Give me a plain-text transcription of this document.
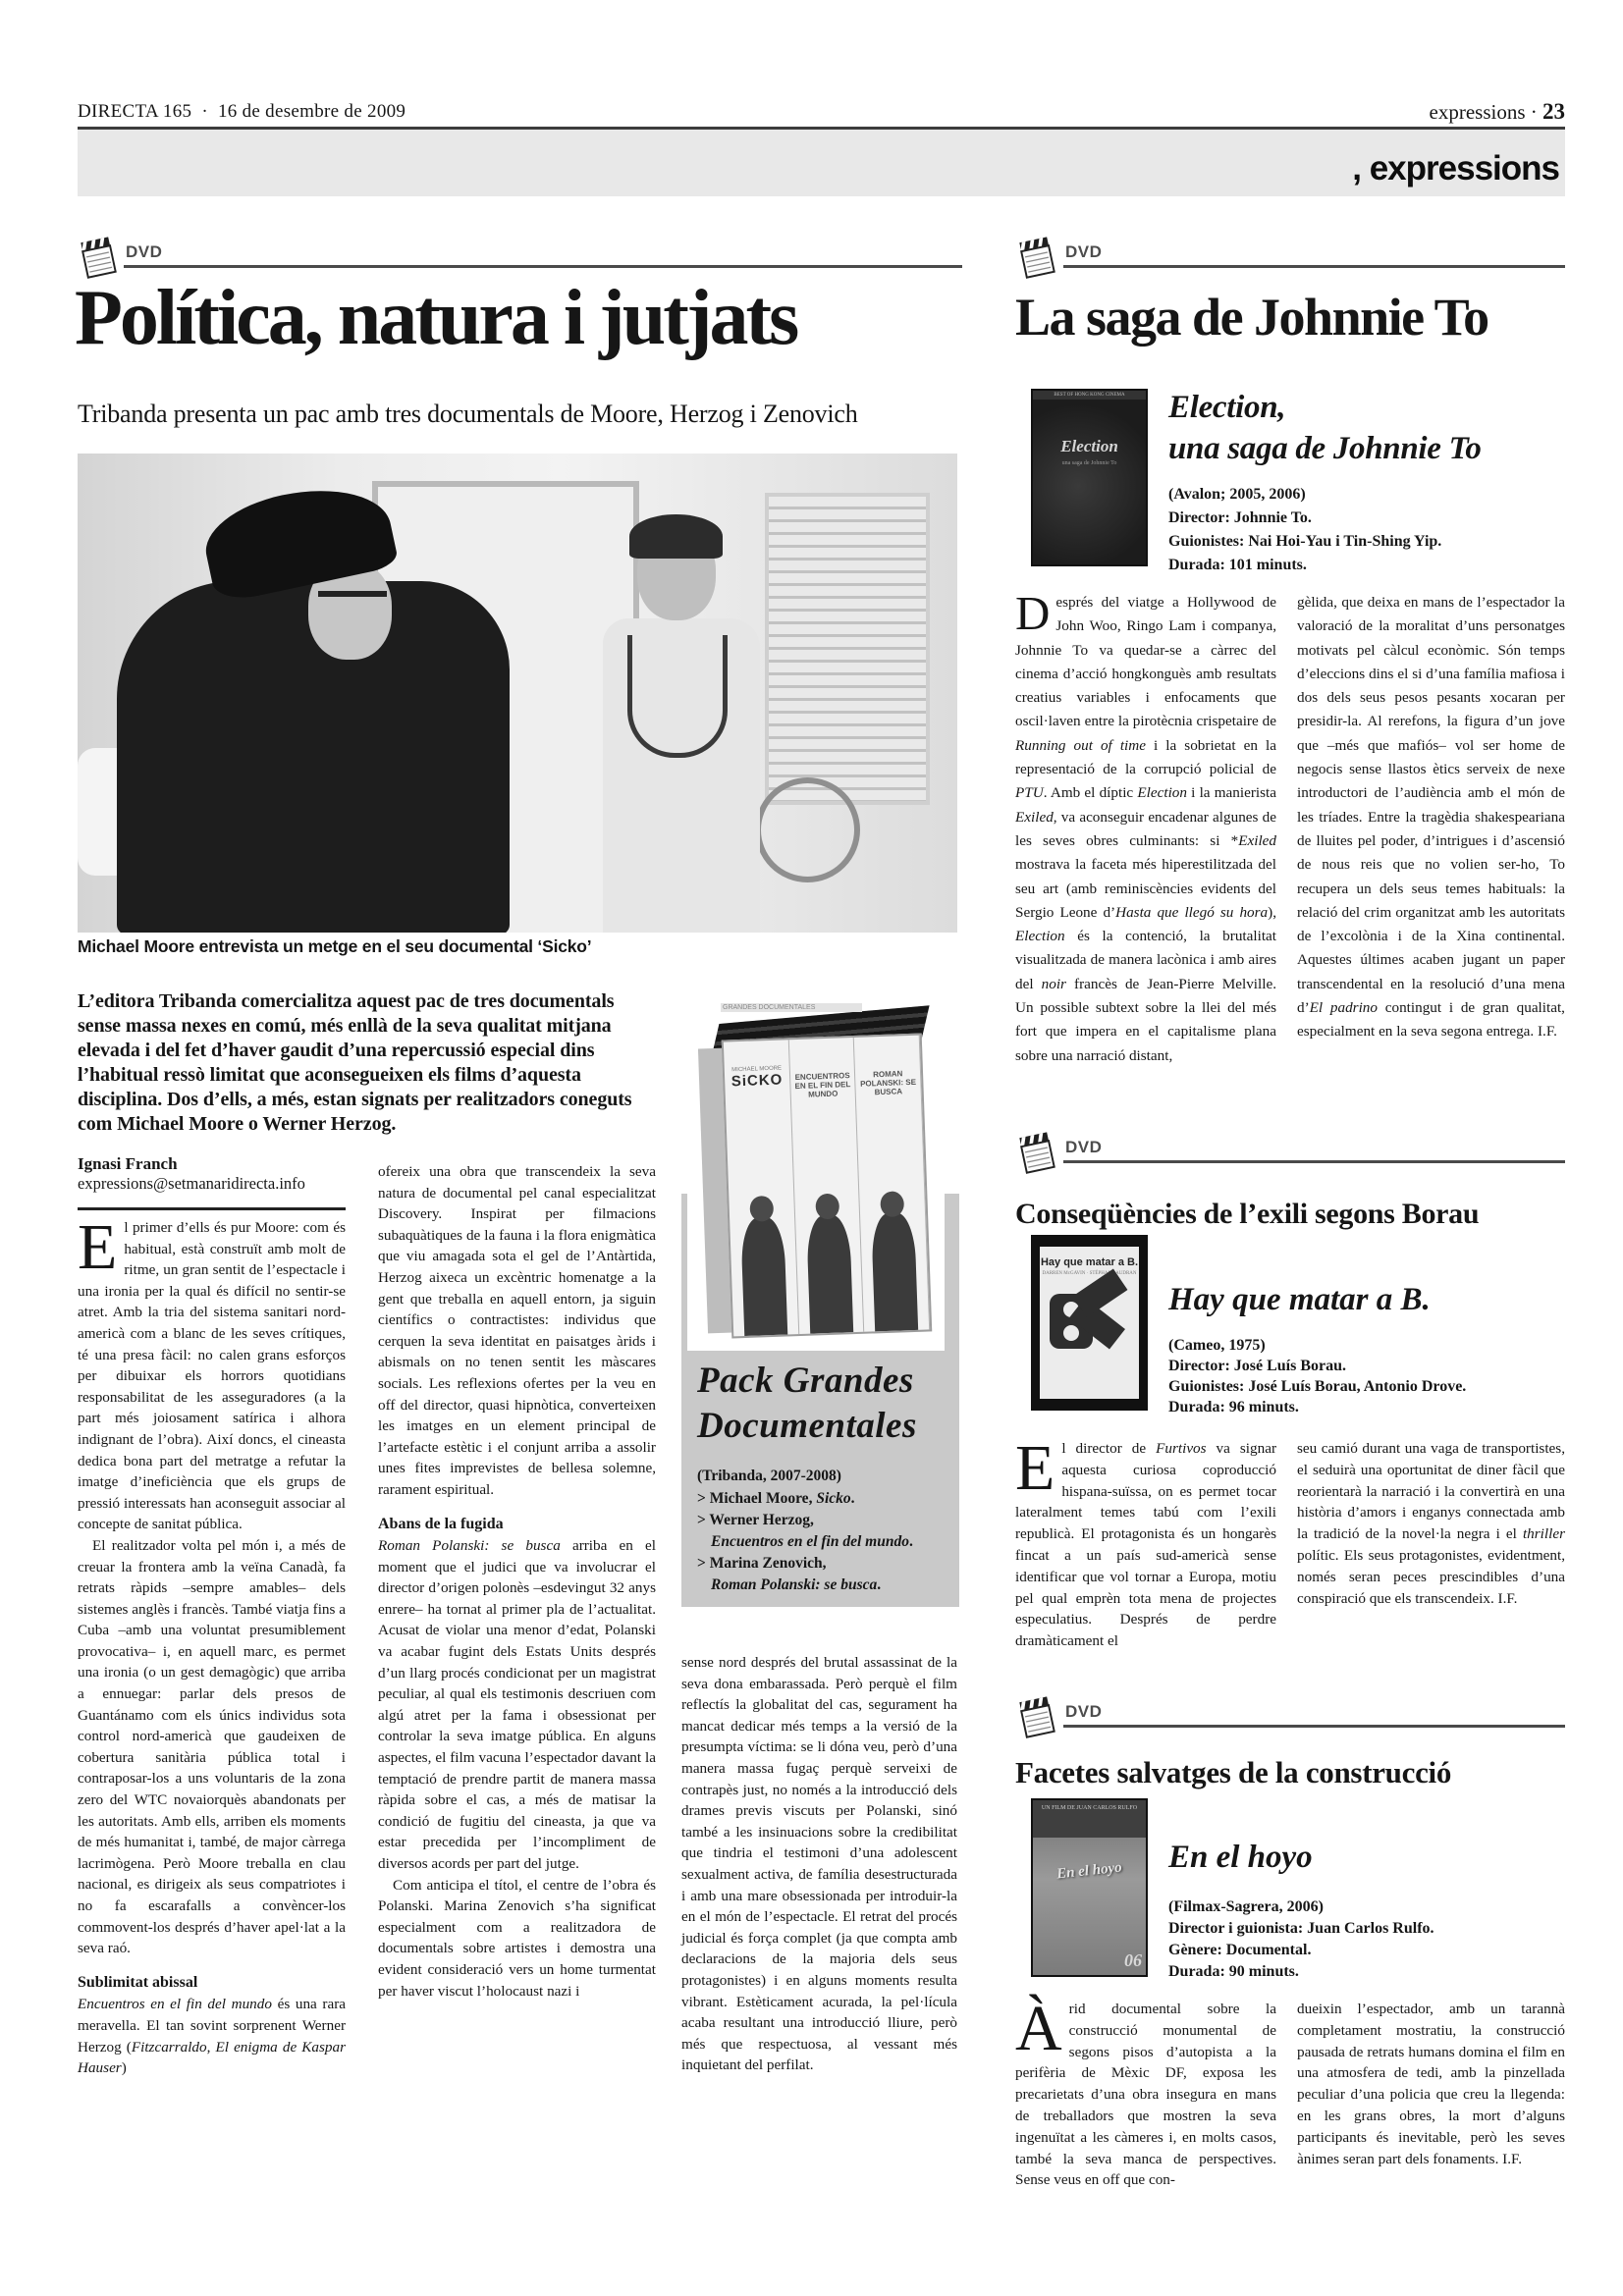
DIRECTA 165 · 16 de desembre de 2009	expressions · 23
, expressions
DVD
Política, natura i jutjats
Tribanda presenta un pac amb tres documentals de Moore, Herzog i Zenovich
Michael Moore entrevista un metge en el seu documental ‘Sicko’
L’editora Tribanda comercialitza aquest pac de tres documentals sense massa nexes en comú, més enllà de la seva qualitat mitjana elevada i del fet d’haver gaudit d’una repercussió especial dins l’habitual ressò limitat que aconsegueixen els films d’aquesta disciplina. Dos d’ells, a més, estan signats per realitzadors coneguts com Michael Moore o Werner Herzog.
Ignasi Franch
expressions@setmanaridirecta.info

El primer d’ells és pur Moore: com és habitual, està construït amb molt de ritme, un gran sentit de l’espectacle i una ironia per la qual és difícil no sentir-se atret. Amb la tria del sistema sanitari nord-americà com a blanc de les seves crítiques, té una presa fàcil: no calen grans esforços per dibuixar els horrors quotidians responsabilitat de les asseguradores (a la part més joiosament satírica i alhora indignant de l’obra). Així doncs, el cineasta dedica bona part del metratge a refutar la imatge d’ineficiència que els grups de pressió interessats han aconseguit associar al concepte de sanitat pública.

El realitzador volta pel món i, a més de creuar la frontera amb la veïna Canadà, fa retrats ràpids –sempre amables– dels sistemes anglès i francès. També viatja fins a Cuba –amb una voluntat presumiblement provocativa– i, en aquell marc, es permet una ironia (o un gest demagògic) que arriba a ennuegar: parlar dels presos de Guantánamo com els únics individus sota control nord-americà que gaudeixen de cobertura sanitària pública total i contraposar-los a uns voluntaris de la zona zero del WTC novaiorquès abandonats per les autoritats. Amb ells, arriben els moments de més humanitat i, també, de major càrrega lacrimògena. Però Moore treballa en clau nacional, es dirigeix als seus compatriotes i no fa escarafalls a convèncer-los commovent-los després d’haver apel·lat a la seva raó.

Sublimitat abissal

Encuentros en el fin del mundo és una rara meravella. El tan sovint sorprenent Werner Herzog (Fitzcarraldo, El enigma de Kaspar Hauser)

ofereix una obra que transcendeix la seva natura de documental pel canal especialitzat Discovery. Inspirat per filmacions subaquàtiques de la fauna i la flora enigmàtica que viu amagada sota el gel de l’Antàrtida, Herzog aixeca un excèntric homenatge a la gent que treballa en aquell entorn, ja siguin científics o contractistes: individus que cerquen la seva identitat en paisatges àrids i abismals on no tenen sentit les màscares socials. Les reflexions ofertes per la veu en off del director, quasi hipnòtica, converteixen les imatges en un element principal de l’artefacte estètic i el conjunt arriba a assolir unes fites imprevistes de bellesa solemne, rarament espiritual.

Abans de la fugida

Roman Polanski: se busca arriba en el moment que el judici que va involucrar el director d’origen polonès –esdevingut 32 anys enrere– ha tornat al primer pla de l’actualitat. Acusat de violar una menor d’edat, Polanski va acabar fugint dels Estats Units després d’un llarg procés condicionat per un magistrat peculiar, al qual els testimonis descriuen com algú atret per la fama i obsessionat per controlar la seva imatge pública. En alguns aspectes, el film vacuna l’espectador davant la temptació de prendre partit de manera massa ràpida sobre el cas, a més de matisar la condició de fugitiu del cineasta, ja que va estar precedida per l’incompliment de diversos acords per part del jutge.

Com anticipa el títol, el centre de l’obra és Polanski. Marina Zenovich s’ha significat especialment com a realitzadora de documentals sobre artistes i demostra una evident consideració vers un home turmentat per haver viscut l’holocaust nazi i

sense nord després del brutal assassinat de la seva dona embarassada. Però perquè el film reflectís la globalitat del cas, segurament ha mancat dedicar més temps a la versió de la presumpta víctima: se li dóna veu, però d’una manera massa fugaç perquè serveixi de contrapès just, no només a la introducció dels drames previs viscuts per Polanski, sinó també a les insinuacions sobre la credibilitat que tindria el testimoni d’una adolescent sexualment activa, de família desestructurada i amb una mare obsessionada per introduir-la en el món de l’espectacle. El retrat del procés judicial és força complet (ja que compta amb declaracions de la majoria dels seus protagonistes) i en alguns moments resulta vibrant. Estèticament acurada, la pel·lícula acaba resultant una introducció lliure, però més que respectuosa, al vessant més inquietant del perfilat.

Pack Grandes
Documentales
(Tribanda, 2007-2008)
> Michael Moore, Sicko.
> Werner Herzog,
Encuentros en el fin del mundo.
> Marina Zenovich,
Roman Polanski: se busca.
MICHAEL MOORE
SiCKO	ENCUENTROS EN EL FIN DEL MUNDO
ROMAN POLANSKI: SE BUSCA
GRANDES DOCUMENTALES
DVD
La saga de Johnnie To
BEST OF HONG KONG CINEMA
Election
una saga de Johnnie To
Election,
una saga de Johnnie To
(Avalon; 2005, 2006)
Director: Johnnie To.
Guionistes: Nai Hoi-Yau i Tin-Shing Yip.
Durada: 101 minuts.
Després del viatge a Hollywood de John Woo, Ringo Lam i companya, Johnnie To va quedar-se a càrrec del cinema d’acció hongkonguès amb resultats creatius variables i enfocaments que oscil·laven entre la pirotècnia crispetaire de Running out of time i la sobrietat en la representació de la corrupció policial de PTU. Amb el díptic Election i la manierista Exiled, va aconseguir encadenar algunes de les seves obres culminants: si *Exiled mostrava la faceta més hiperestilitzada del seu art (amb reminiscències evidents del Sergio Leone d’Hasta que llegó su hora), Election és la contenció, la brutalitat visualitzada de manera lacònica i amb aires del noir francès de Jean-Pierre Melville. Un possible subtext sobre la llei del més fort que impera en el capitalisme plana sobre una narració distant,
gèlida, que deixa en mans de l’espectador la valoració de la moralitat d’uns personatges motivats pel càlcul econòmic. Són temps d’eleccions dins el si d’una família mafiosa i dos dels seus pesos pesants xocaran per presidir-la. Al rerefons, la figura d’un jove que –més que mafiós– vol ser home de negocis sense llastos ètics serveix de nexe introductori de l’audiència amb el món de les tríades. Entre la tragèdia shakespeariana de lluites pel poder, d’intrigues i d’ascensió de nous reis que no volien ser-ho, To recupera un dels seus temes habituals: la relació del crim organitzat amb les autoritats de l’excolònia i de la Xina continental. Aquestes últimes acaben jugant un paper transcendental en la resolució d’una mena d’El padrino contingut i de gran qualitat, especialment en la seva segona entrega. I.F.
DVD
Conseqüències de l’exili segons Borau
Hay que matar a B.
DARREN McGAVIN · STÉPHANE AUDRAN
Hay que matar a B.
(Cameo, 1975)
Director: José Luís Borau.
Guionistes: José Luís Borau, Antonio Drove.
Durada: 96 minuts.
El director de Furtivos va signar aquesta curiosa coproducció hispana-suïssa, on es permet tocar lateralment temes tabú com l’exili republicà. El protagonista és un hongarès fincat a un país sud-americà sense identificar que vol tornar a Europa, motiu pel qual emprèn tota mena de projectes especulatius. Després de perdre dramàticament el
seu camió durant una vaga de transportistes, el seduirà una oportunitat de diner fàcil que reorientarà la narració i la convertirà en una història d’amors i enganys connectada amb la tradició de la novel·la negra i el thriller polític. Els seus protagonistes, evidentment, només seran peces prescindibles d’una conspiració que els transcendeix. I.F.
DVD
Facetes salvatges de la construcció
UN FILM DE JUAN CARLOS RULFO
En el hoyo
06
En el hoyo
(Filmax-Sagrera, 2006)
Director i guionista: Juan Carlos Rulfo.
Gènere: Documental.
Durada: 90 minuts.
Àrid documental sobre la construcció monumental de segons pisos d’autopista a la perifèria de Mèxic DF, exposa les precarietats d’una obra insegura en mans de treballadors que mostren la seva ingenuïtat a les càmeres i, en molts casos, també la seva manca de perspectives. Sense veus en off que con-
dueixin l’espectador, amb un tarannà completament mostratiu, la construcció pausada de retrats humans domina el film en una atmosfera de tedi, amb la pinzellada peculiar d’una policia que creu la llegenda: en les grans obres, la mort d’alguns participants és inevitable, però les seves ànimes seran part dels fonaments. I.F.
